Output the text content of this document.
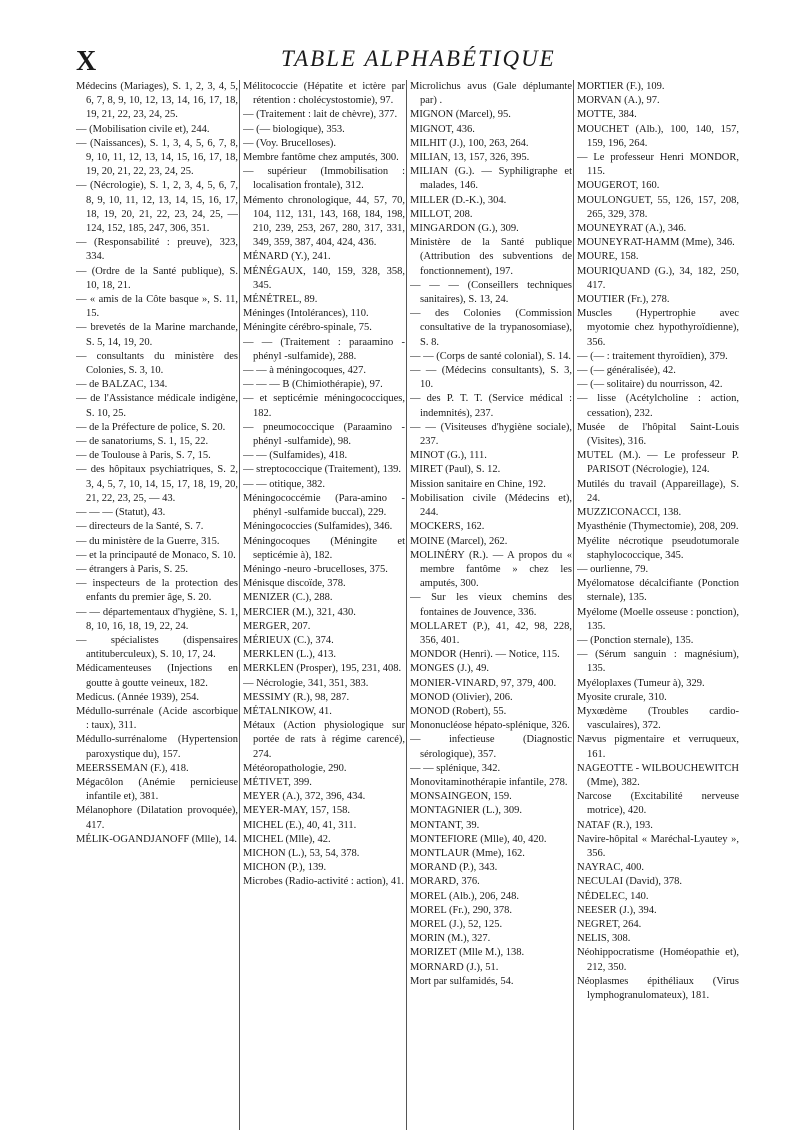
X	TABLE ALPHABÉTIQUE
Médecins (Mariages), S. 1, 2, 3, 4, 5, 6, 7, 8, 9, 10, 12, 13, 14, 16, 17, 18, 19, 21, 22, 23, 24, 25.
— (Mobilisation civile et), 244.
— (Naissances), S. 1, 3, 4, 5, 6, 7, 8, 9, 10, 11, 12, 13, 14, 15, 16, 17, 18, 19, 20, 21, 22, 23, 24, 25.
— (Nécrologie), S. 1, 2, 3, 4, 5, 6, 7, 8, 9, 10, 11, 12, 13, 14, 15, 16, 17, 18, 19, 20, 21, 22, 23, 24, 25, — 124, 152, 185, 247, 306, 351.
— (Responsabilité : preuve), 323, 334.
— (Ordre de la Santé publique), S. 10, 18, 21.
— « amis de la Côte basque », S. 11, 15.
— brevetés de la Marine marchande, S. 5, 14, 19, 20.
— consultants du ministère des Colonies, S. 3, 10.
— de BALZAC, 134.
— de l'Assistance médicale indigène, S. 10, 25.
— de la Préfecture de police, S. 20.
— de sanatoriums, S. 1, 15, 22.
— de Toulouse à Paris, S. 7, 15.
— des hôpitaux psychiatriques, S. 2, 3, 4, 5, 7, 10, 14, 15, 17, 18, 19, 20, 21, 22, 23, 25, — 43.
— — — (Statut), 43.
— directeurs de la Santé, S. 7.
— du ministère de la Guerre, 315.
— et la principauté de Monaco, S. 10.
— étrangers à Paris, S. 25.
— inspecteurs de la protection des enfants du premier âge, S. 20.
— — départementaux d'hygiène, S. 1, 8, 10, 16, 18, 19, 22, 24.
— spécialistes (dispensaires antituberculeux), S. 10, 17, 24.
Médicamenteuses (Injections en goutte à goutte veineux, 182.
Medicus. (Année 1939), 254.
Médullo-surrénale (Acide ascorbique : taux), 311.
Médullo-surrénalome (Hypertension paroxystique du), 157.
MEERSSEMAN (F.), 418.
Mégacôlon (Anémie pernicieuse infantile et), 381.
Mélanophore (Dilatation provoquée), 417.
MÉLIK-OGANDJANOFF (Mlle), 14.
Mélitococcie (Hépatite et ictère par rétention : cholécystostomie), 97.
— (Traitement : lait de chèvre), 377.
— (— biologique), 353.
— (Voy. Brucelloses).
Membre fantôme chez amputés, 300.
— supérieur (Immobilisation : localisation frontale), 312.
Mémento chronologique, 44, 57, 70, 104, 112, 131, 143, 168, 184, 198, 210, 239, 253, 267, 280, 317, 331, 349, 359, 387, 404, 424, 436.
MÉNARD (Y.), 241.
MÉNÉGAUX, 140, 159, 328, 358, 345.
MÉNÉTREL, 89.
Méninges (Intolérances), 110.
Méningite cérébro-spinale, 75.
— — (Traitement : paraamino -phényl -sulfamide), 288.
— — à méningocoques, 427.
— — — B (Chimiothérapie), 97.
— et septicémie méningococciques, 182.
— pneumococcique (Paraamino -phényl -sulfamide), 98.
— — (Sulfamides), 418.
— streptococcique (Traitement), 139.
— — otitique, 382.
Méningococcémie (Para-amino -phényl -sulfamide buccal), 229.
Méningococcies (Sulfamides), 346.
Méningocoques (Méningite et septicémie à), 182.
Méningo -neuro -brucelloses, 375.
Ménisque discoïde, 378.
MENIZER (C.), 288.
MERCIER (M.), 321, 430.
MERGER, 207.
MÉRIEUX (C.), 374.
MERKLEN (L.), 413.
MERKLEN (Prosper), 195, 231, 408.
— Nécrologie, 341, 351, 383.
MESSIMY (R.), 98, 287.
MÉTALNIKOW, 41.
Métaux (Action physiologique sur portée de rats à régime carencé), 274.
Météoropathologie, 290.
MÉTIVET, 399.
MEYER (A.), 372, 396, 434.
MEYER-MAY, 157, 158.
MICHEL (E.), 40, 41, 311.
MICHEL (Mlle), 42.
MICHON (L.), 53, 54, 378.
MICHON (P.), 139.
Microbes (Radio-activité : action), 41.
Microlichus avus (Gale déplumante par) .
MIGNON (Marcel), 95.
MIGNOT, 436.
MILHIT (J.), 100, 263, 264.
MILIAN, 13, 157, 326, 395.
MILIAN (G.). — Syphiligraphe et malades, 146.
MILLER (D.-K.), 304.
MILLOT, 208.
MINGARDON (G.), 309.
Ministère de la Santé publique (Attribution des subventions de fonctionnement), 197.
— — — (Conseillers techniques sanitaires), S. 13, 24.
— des Colonies (Commission consultative de la trypanosomiase), S. 8.
— — (Corps de santé colonial), S. 14.
— — (Médecins consultants), S. 3, 10.
— des P. T. T. (Service médical : indemnités), 237.
— — (Visiteuses d'hygiène sociale), 237.
MINOT (G.), 111.
MIRET (Paul), S. 12.
Mission sanitaire en Chine, 192.
Mobilisation civile (Médecins et), 244.
MOCKERS, 162.
MOINE (Marcel), 262.
MOLINÉRY (R.). — A propos du « membre fantôme » chez les amputés, 300.
— Sur les vieux chemins des fontaines de Jouvence, 336.
MOLLARET (P.), 41, 42, 98, 228, 356, 401.
MONDOR (Henri). — Notice, 115.
MONGES (J.), 49.
MONIER-VINARD, 97, 379, 400.
MONOD (Olivier), 206.
MONOD (Robert), 55.
Mononucléose hépato-splénique, 326.
— infectieuse (Diagnostic sérologique), 357.
— — splénique, 342.
Monovitaminothérapie infantile, 278.
MONSAINGEON, 159.
MONTAGNIER (L.), 309.
MONTANT, 39.
MONTEFIORE (Mlle), 40, 420.
MONTLAUR (Mme), 162.
MORAND (P.), 343.
MORARD, 376.
MOREL (Alb.), 206, 248.
MOREL (Fr.), 290, 378.
MOREL (J.), 52, 125.
MORIN (M.), 327.
MORIZET (Mlle M.), 138.
MORNARD (J.), 51.
Mort par sulfamidés, 54.
MORTIER (F.), 109.
MORVAN (A.), 97.
MOTTE, 384.
MOUCHET (Alb.), 100, 140, 157, 159, 196, 264.
— Le professeur Henri MONDOR, 115.
MOUGEROT, 160.
MOULONGUET, 55, 126, 157, 208, 265, 329, 378.
MOUNEYRAT (A.), 346.
MOUNEYRAT-HAMM (Mme), 346.
MOURE, 158.
MOURIQUAND (G.), 34, 182, 250, 417.
MOUTIER (Fr.), 278.
Muscles (Hypertrophie avec myotomie chez hypothyroïdienne), 356.
— (— : traitement thyroïdien), 379.
— (— généralisée), 42.
— (— solitaire) du nourrisson, 42.
— lisse (Acétylcholine : action, cessation), 232.
Musée de l'hôpital Saint-Louis (Visites), 316.
MUTEL (M.). — Le professeur P. PARISOT (Nécrologie), 124.
Mutilés du travail (Appareillage), S. 24.
MUZZICONACCI, 138.
Myasthénie (Thymectomie), 208, 209.
Myélite nécrotique pseudotumorale staphylococcique, 345.
— ourlienne, 79.
Myélomatose décalcifiante (Ponction sternale), 135.
Myélome (Moelle osseuse : ponction), 135.
— (Ponction sternale), 135.
— (Sérum sanguin : magnésium), 135.
Myéloplaxes (Tumeur à), 329.
Myosite crurale, 310.
Myxœdème (Troubles cardio-vasculaires), 372.
Nævus pigmentaire et verruqueux, 161.
NAGEOTTE - WILBOUCHEWITCH (Mme), 382.
Narcose (Excitabilité nerveuse motrice), 420.
NATAF (R.), 193.
Navire-hôpital « Maréchal-Lyautey », 356.
NAYRAC, 400.
NECULAI (David), 378.
NÉDELEC, 140.
NEESER (J.), 394.
NEGRET, 264.
NELIS, 308.
Néohippocratisme (Homéopathie et), 212, 350.
Néoplasmes épithéliaux (Virus lymphogranulomateux), 181.
